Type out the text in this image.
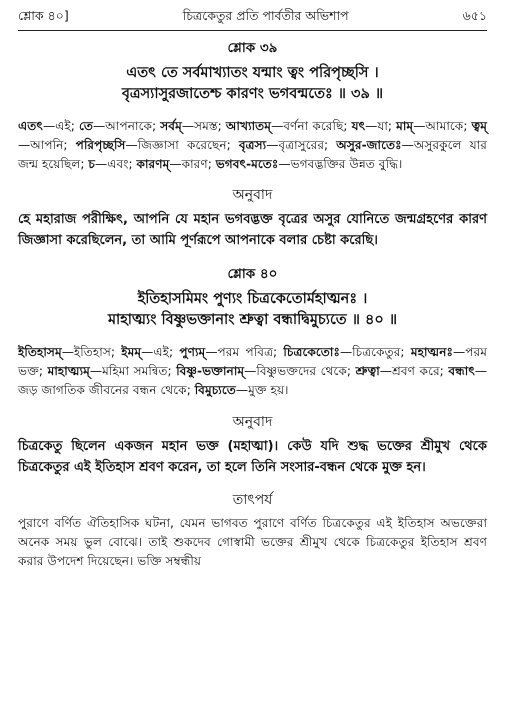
শ্লোক ৪০]	চিত্রকেতুর প্রতি পার্বতীর অভিশাপ	৬৫১
শ্লোক ৩৯
এতৎ তে সর্বমাখ্যাতং যন্মাং ত্বং পরিপৃচ্ছসি ।
বৃত্রস্যাসুরজাতেশ্চ কারণং ভগবন্মতেঃ ॥ ৩৯ ॥
এতৎ—এই; তে—আপনাকে; সর্বম্—সমস্ত; আখ্যাতম্—বর্ণনা করেছি; যৎ—যা; মাম্—আমাকে; ত্বম্—আপনি; পরিপৃচ্ছসি—জিজ্ঞাসা করেছেন; বৃত্রস্য—বৃত্রাসুরের; অসুর-জাতেঃ—অসুরকুলে যার জন্ম হয়েছিল; চ—এবং; কারণম্—কারণ; ভগবৎ-মতেঃ—ভগবদ্ভক্তির উন্নত বুদ্ধি।
অনুবাদ
হে মহারাজ পরীক্ষিৎ, আপনি যে মহান ভগবদ্ভক্ত বৃত্রের অসুর যোনিতে জন্মগ্রহণের কারণ জিজ্ঞাসা করেছিলেন, তা আমি পূর্ণরূপে আপনাকে বলার চেষ্টা করেছি।
শ্লোক ৪০
ইতিহাসমিমং পুণ্যং চিত্রকেতোর্মহাত্মনঃ ।
মাহাত্ম্যং বিষ্ণুভক্তানাং শ্রুত্বা বন্ধাদ্বিমুচ্যতে ॥ ৪০ ॥
ইতিহাসম্—ইতিহাস; ইমম্—এই; পুণ্যম্—পরম পবিত্র; চিত্রকেতোঃ—চিত্রকেতুর; মহাত্মনঃ—পরম ভক্ত; মাহাত্ম্যম্—মহিমা সমন্বিত; বিষ্ণু-ভক্তানাম্—বিষ্ণুভক্তদের থেকে; শ্রুত্বা—শ্রবণ করে; বন্ধাৎ—জড় জাগতিক জীবনের বন্ধন থেকে; বিমুচ্যতে—মুক্ত হয়।
অনুবাদ
চিত্রকেতু ছিলেন একজন মহান ভক্ত (মহাত্মা)। কেউ যদি শুদ্ধ ভক্তের শ্রীমুখ থেকে চিত্রকেতুর এই ইতিহাস শ্রবণ করেন, তা হলে তিনি সংসার-বন্ধন থেকে মুক্ত হন।
তাৎপর্য
পুরাণে বর্ণিত ঐতিহাসিক ঘটনা, যেমন ভাগবত পুরাণে বর্ণিত চিত্রকেতুর এই ইতিহাস অভক্তেরা অনেক সময় ভুল বোঝে। তাই শুকদেব গোস্বামী ভক্তের শ্রীমুখ থেকে চিত্রকেতুর ইতিহাস শ্রবণ করার উপদেশ দিয়েছেন। ভক্তি সম্বন্ধীয়
